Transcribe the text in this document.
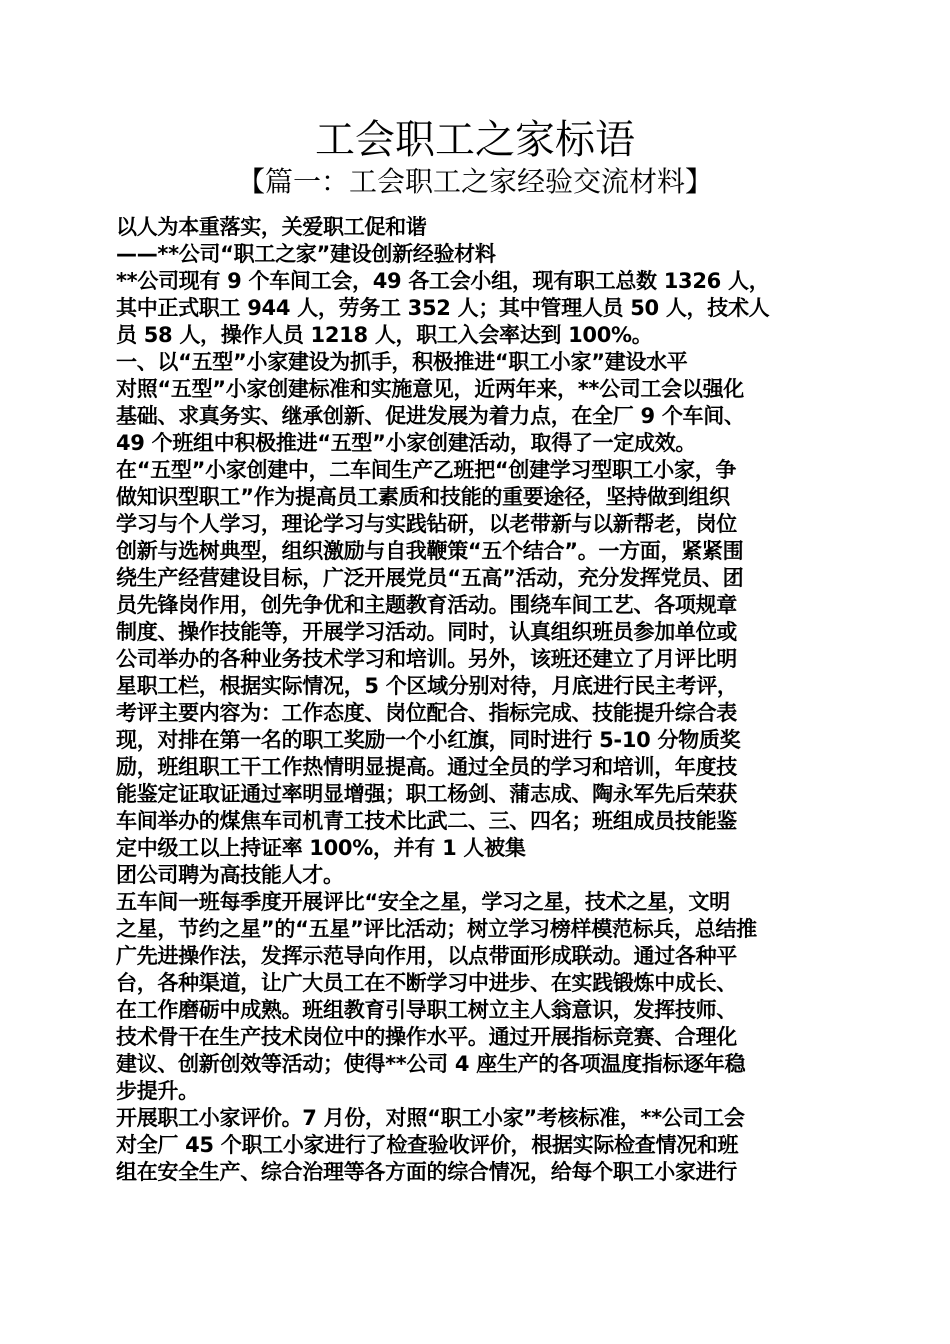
工会职工之家标语
【篇一：工会职工之家经验交流材料】
以人为本重落实，关爱职工促和谐
——**公司“职工之家”建设创新经验材料
**公司现有 9 个车间工会，49 各工会小组，现有职工总数 1326 人，
其中正式职工 944 人，劳务工 352 人；其中管理人员 50 人，技术人
员 58 人，操作人员 1218 人，职工入会率达到 100%。
一、以“五型”小家建设为抓手，积极推进“职工小家”建设水平
对照“五型”小家创建标准和实施意见，近两年来，**公司工会以强化
基础、求真务实、继承创新、促进发展为着力点，在全厂 9 个车间、
49 个班组中积极推进“五型”小家创建活动，取得了一定成效。
在“五型”小家创建中，二车间生产乙班把“创建学习型职工小家，争
做知识型职工”作为提高员工素质和技能的重要途径，坚持做到组织
学习与个人学习，理论学习与实践钻研，以老带新与以新帮老，岗位
创新与选树典型，组织激励与自我鞭策“五个结合”。一方面，紧紧围
绕生产经营建设目标，广泛开展党员“五高”活动，充分发挥党员、团
员先锋岗作用，创先争优和主题教育活动。围绕车间工艺、各项规章
制度、操作技能等，开展学习活动。同时，认真组织班员参加单位或
公司举办的各种业务技术学习和培训。另外，该班还建立了月评比明
星职工栏，根据实际情况，5 个区域分别对待，月底进行民主考评，
考评主要内容为：工作态度、岗位配合、指标完成、技能提升综合表
现，对排在第一名的职工奖励一个小红旗，同时进行 5-10 分物质奖
励，班组职工干工作热情明显提高。通过全员的学习和培训，年度技
能鉴定证取证通过率明显增强；职工杨剑、蒲志成、陶永军先后荣获
车间举办的煤焦车司机青工技术比武二、三、四名；班组成员技能鉴
定中级工以上持证率 100%，并有 1 人被集
团公司聘为高技能人才。
五车间一班每季度开展评比“安全之星，学习之星，技术之星，文明
之星，节约之星”的“五星”评比活动；树立学习榜样模范标兵，总结推
广先进操作法，发挥示范导向作用，以点带面形成联动。通过各种平
台，各种渠道，让广大员工在不断学习中进步、在实践锻炼中成长、
在工作磨砺中成熟。班组教育引导职工树立主人翁意识，发挥技师、
技术骨干在生产技术岗位中的操作水平。通过开展指标竞赛、合理化
建议、创新创效等活动；使得**公司 4 座生产的各项温度指标逐年稳
步提升。
开展职工小家评价。7 月份，对照“职工小家”考核标准，**公司工会
对全厂 45 个职工小家进行了检查验收评价，根据实际检查情况和班
组在安全生产、综合治理等各方面的综合情况，给每个职工小家进行
